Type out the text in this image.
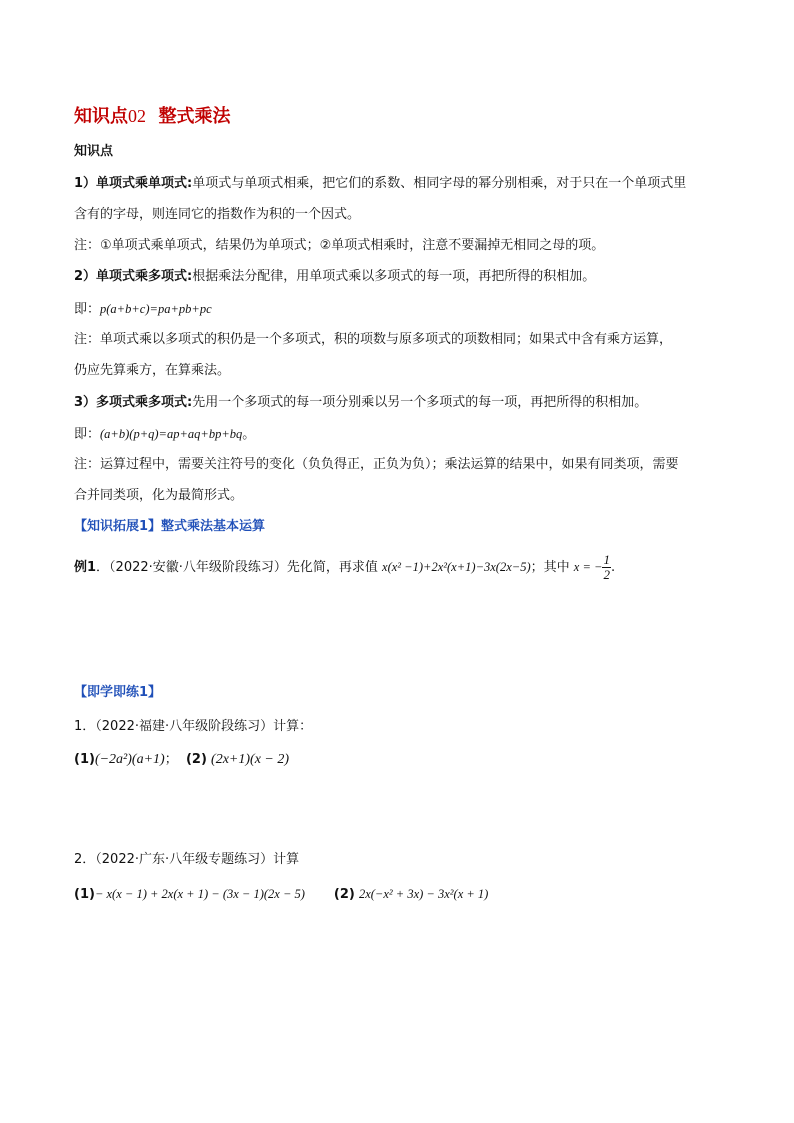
知识点02 整式乘法
知识点
1）单项式乘单项式:单项式与单项式相乘，把它们的系数、相同字母的幂分别相乘，对于只在一个单项式里
含有的字母，则连同它的指数作为积的一个因式。
注：①单项式乘单项式，结果仍为单项式；②单项式相乘时，注意不要漏掉无相同之母的项。
2）单项式乘多项式:根据乘法分配律，用单项式乘以多项式的每一项，再把所得的积相加。
即：p(a+b+c)=pa+pb+pc
注：单项式乘以多项式的积仍是一个多项式，积的项数与原多项式的项数相同；如果式中含有乘方运算，
仍应先算乘方，在算乘法。
3）多项式乘多项式:先用一个多项式的每一项分别乘以另一个多项式的每一项，再把所得的积相加。
即：(a+b)(p+q)=ap+aq+bp+bq。
注：运算过程中，需要关注符号的变化（负负得正，正负为负）；乘法运算的结果中，如果有同类项，需要
合并同类项，化为最简形式。
【知识拓展1】整式乘法基本运算
例1．（2022·安徽·八年级阶段练习）先化简，再求值 x(x² −1)+2x²(x+1)−3x(2x−5)；其中 x = − $\frac{1}{2}$ .
【即学即练1】
1．（2022·福建·八年级阶段练习）计算：
(1)(−2a²)(a+1)； (2) (2x+1)(x − 2)
2．（2022·广东·八年级专题练习）计算
(1)− x(x − 1) + 2x(x + 1) − (3x − 1)(2x − 5) (2) 2x(−x² + 3x) − 3x²(x + 1)
